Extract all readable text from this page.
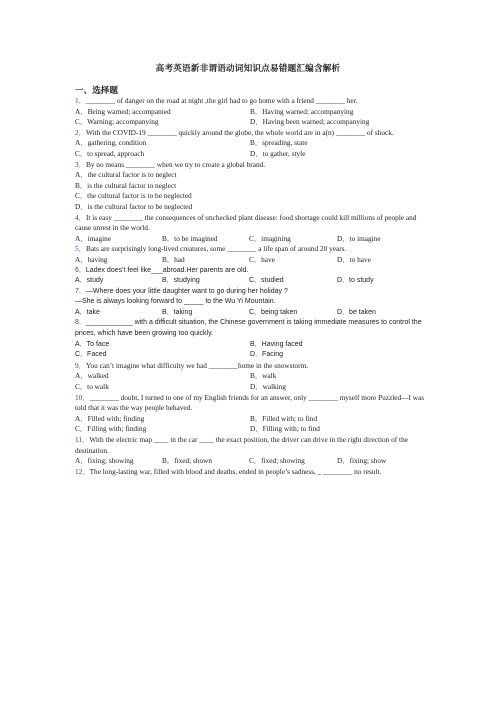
高考英语新非谓语动词知识点易错题汇编含解析
一、选择题
1．________ of danger on the road at night ,the girl had to go home with a friend ________ her.
A．Being warned; accompanied	B．Having warned; accompanying
C．Warning; accompanying	D．Having been warned; accompanying
2．With the COVID-19 ________ quickly around the globe, the whole world are in a(n) ________ of shock.
A．gathering, condition	B．spreading, state
C．to spread, approach	D．to gather, style
3．By no means ________ when we try to create a global brand.
A．the cultural factor is to neglect
B．is the cultural factor to neglect
C．the cultural factor is to be neglected
D．is the cultural factor to be neglected
4．It is easy ________ the consequences of unchecked plant disease: food shortage could kill millions of people and cause unrest in the world.
A．imagine	B．to be imagined	C．imagining	D．to imagine
5．Bats are surprisingly long-lived creatures, some ________ a life span of around 20 years.
A．having	B．had	C．have	D．to have
6．Ladex does't feel like___abroad.Her parents are old.
A．study	B．studying	C．studied	D．to study
7．—Where does your little daughter want to go during her holiday ?
—She is always looking forward to _____ to the Wu Yi Mountain.
A．take	B．taking	C．being taken	D．be taken
8．____________ with a difficult situation, the Chinese government is taking immediate measures to control the prices, which have been growing too quickly.
A．To face	B．Having faced
C．Faced	D．Facing
9．You can’t imagine what difficulty we had ________home in the snowstorm.
A．walked	B．walk
C．to walk	D．walking
10．________ doubt, I turned to one of my English friends for an answer, only ________ myself more Puzzled—I was told that it was the way people behaved.
A．Filled with; finding	B．Filled with; to find
C．Filling with; finding	D．Filling with; to find
11．With the electric map ____ in the car ____ the exact position, the driver can drive in the right direction of the destination.
A．fixing; showing	B．fixed; shown	C．fixed; showing	D．fixing; show
12．The long-lasting war, filled with blood and deaths, ended in people’s sadness, _ ________ no result.
